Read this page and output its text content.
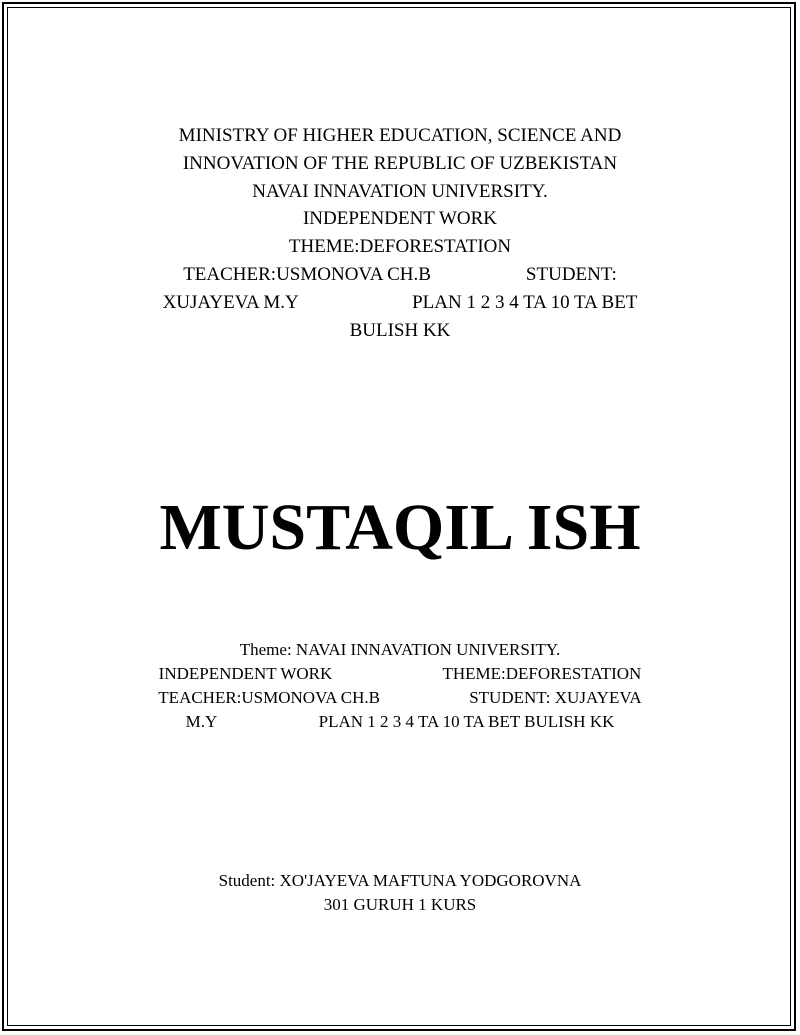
MINISTRY OF HIGHER EDUCATION, SCIENCE AND
INNOVATION OF THE REPUBLIC OF UZBEKISTAN
NAVAI INNAVATION UNIVERSITY.
INDEPENDENT WORK
THEME:DEFORESTATION
TEACHER:USMONOVA CH.B                    STUDENT:
XUJAYEVA M.Y                        PLAN 1 2 3 4 TA 10 TA BET
BULISH KK
MUSTAQIL ISH
Theme: NAVAI INNAVATION UNIVERSITY.
INDEPENDENT WORK                          THEME:DEFORESTATION
TEACHER:USMONOVA CH.B                     STUDENT: XUJAYEVA
M.Y                        PLAN 1 2 3 4 TA 10 TA BET BULISH KK
Student: XO'JAYEVA MAFTUNA YODGOROVNA
301 GURUH 1 KURS
